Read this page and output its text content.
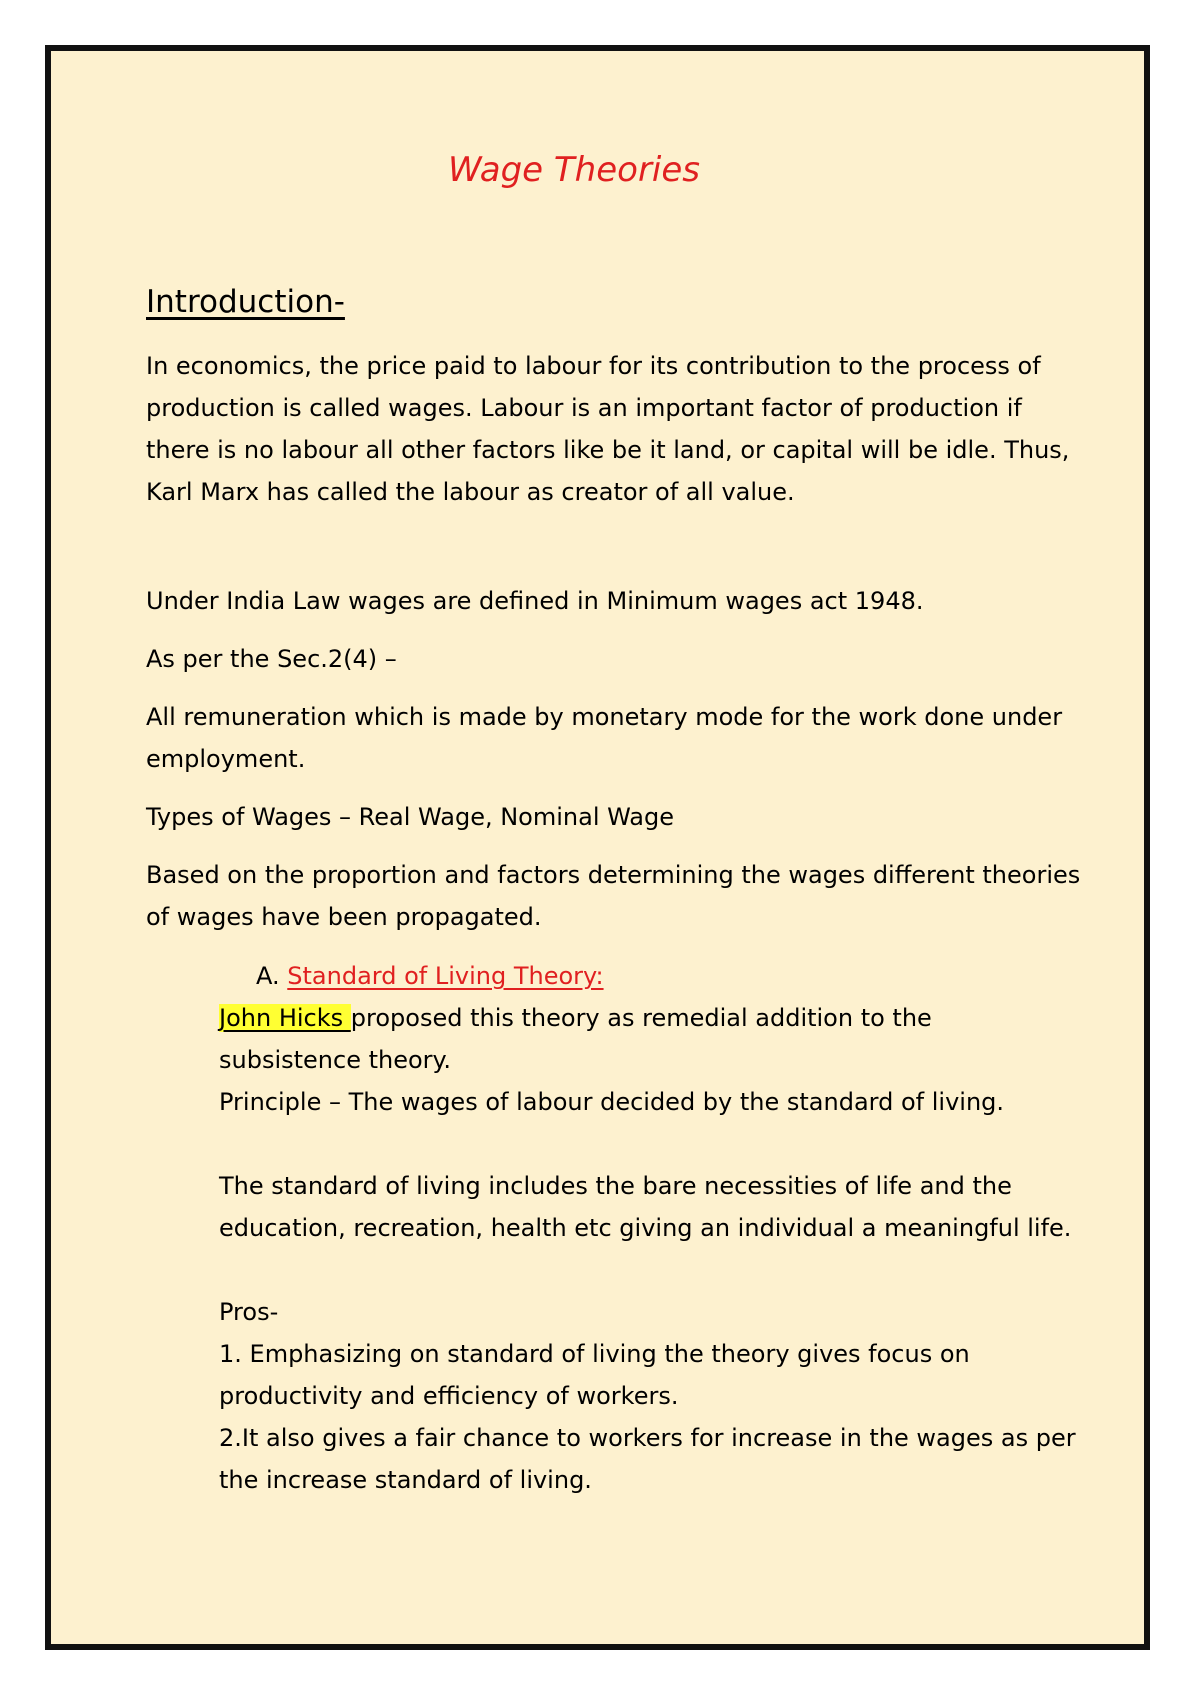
Wage Theories
Introduction-

In economics, the price paid to labour for its contribution to the process of production is called wages. Labour is an important factor of production if there is no labour all other factors like be it land, or capital will be idle. Thus, Karl Marx has called the labour as creator of all value.

Under India Law wages are defined in Minimum wages act 1948.

As per the Sec.2(4) –

All remuneration which is made by monetary mode for the work done under employment.

Types of Wages – Real Wage, Nominal Wage

Based on the proportion and factors determining the wages different theories of wages have been propagated.

A. Standard of Living Theory:

John Hicks proposed this theory as remedial addition to the subsistence theory.

Principle – The wages of labour decided by the standard of living.

The standard of living includes the bare necessities of life and the education, recreation, health etc giving an individual a meaningful life.

Pros-

1. Emphasizing on standard of living the theory gives focus on productivity and efficiency of workers.

2.It also gives a fair chance to workers for increase in the wages as per the increase standard of living.
